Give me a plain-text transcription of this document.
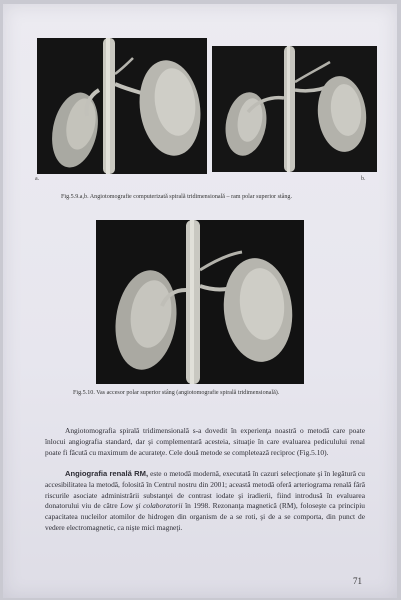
a.	b.
Fig.5.9.a,b. Angiotomografie computerizată spirală tridimensională – ram polar superior stâng.
Fig.5.10. Vas accesor polar superior stâng (angiotomografie spirală tridimensională).

Angiotomografia spirală tridimensională s-a dovedit în experienţa noastră o metodă care poate înlocui angiografia standard, dar şi complementară acesteia, situaţie în care evaluarea pediculului renal poate fi făcută cu maximum de acurateţe. Cele două metode se completează reciproc (Fig.5.10).

Angiografia renală RM, este o metodă modernă, executată în cazuri selecţionate şi în legătură cu accesibilitatea la metodă, folosită în Centrul nostru din 2001; această metodă oferă arteriograma renală fără riscurile asociate administrării substanţei de contrast iodate şi iradierii, fiind introdusă în evaluarea donatorului viu de către Low şi colaboratorii în 1998. Rezonanţa magnetică (RM), foloseşte ca principiu capacitatea nucleilor atomilor de hidrogen din organism de a se roti, şi de a se comporta, din punct de vedere electromagnetic, ca nişte mici magneţi.

71
